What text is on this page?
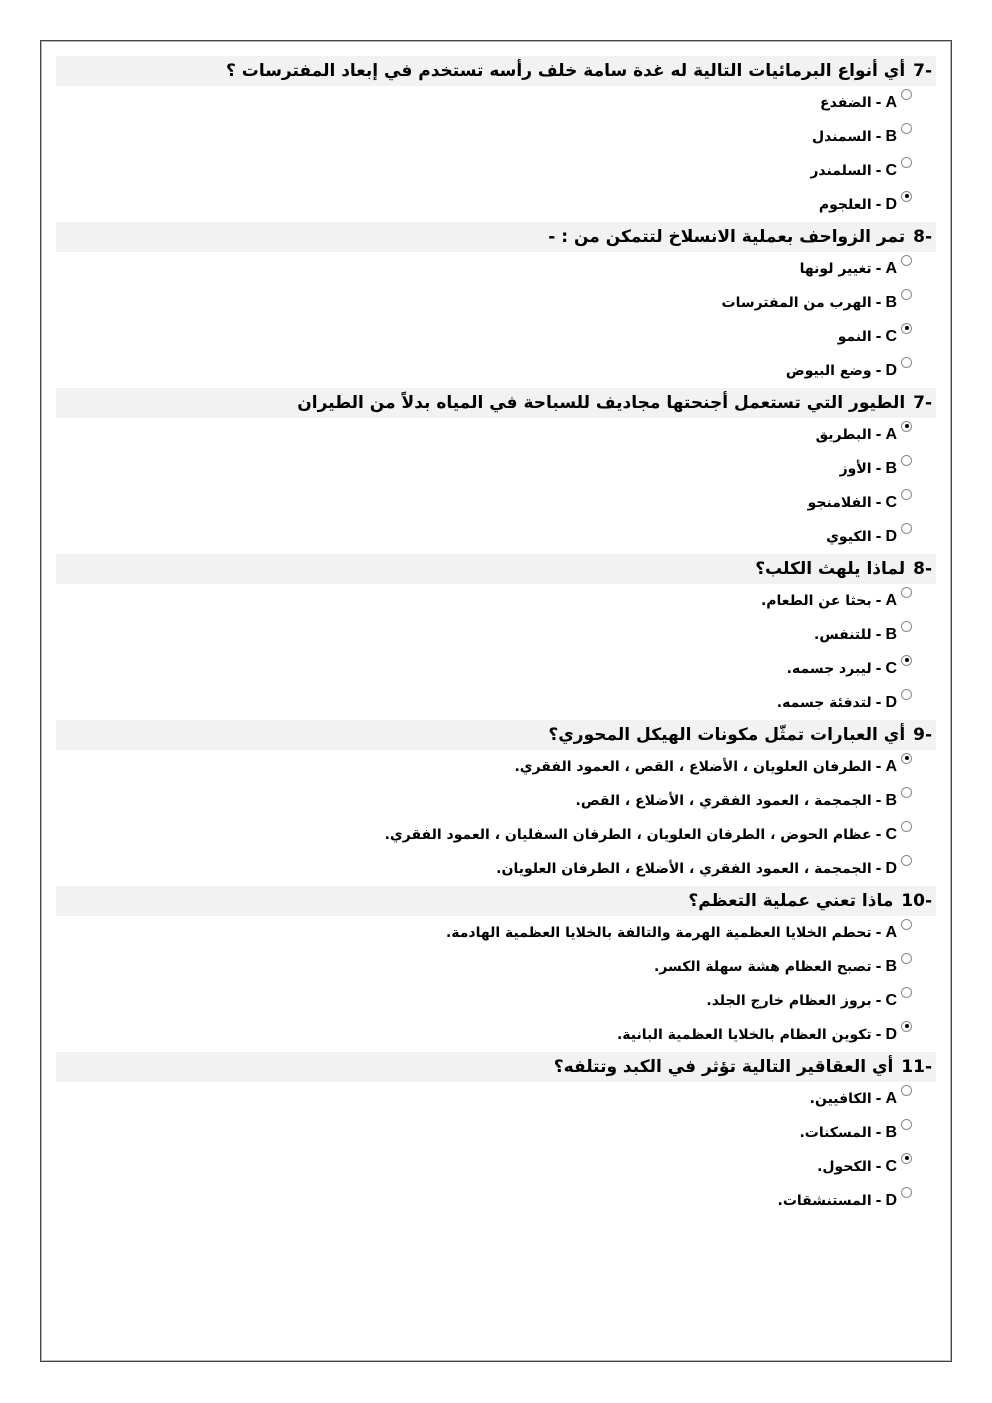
7- أي أنواع البرمائيات التالية له غدة سامة خلف رأسه تستخدم في إبعاد المفترسات ؟
A
-
الضفدع
B
-
السمندل
C
-
السلمندر
D
-
العلجوم
8- تمر الزواحف بعملية الانسلاخ لتتمكن من : -
A
-
تغيير لونها
B
-
الهرب من المفترسات
C
-
النمو
D
-
وضع البيوض
7- الطيور التي تستعمل أجنحتها مجاديف للسباحة في المياه بدلاً من الطيران
A
-
البطريق
B
-
الأوز
C
-
الفلامنجو
D
-
الكيوي
8- لماذا يلهث الكلب؟
A
-
بحثا عن الطعام.
B
-
للتنفس.
C
-
ليبرد جسمه.
D
-
لتدفئة جسمه.
9- أي العبارات تمثّل مكونات الهيكل المحوري؟
A
-
الطرفان العلويان ، الأضلاع ، القص ، العمود الفقري.
B
-
الجمجمة ، العمود الفقري ، الأضلاع ، القص.
C
-
عظام الحوض ، الطرفان العلويان ، الطرفان السفليان ، العمود الفقري.
D
-
الجمجمة ، العمود الفقري ، الأضلاع ، الطرفان العلويان.
10- ماذا تعني عملية التعظم؟
A
-
تحطم الخلايا العظمية الهرمة والتالفة بالخلايا العظمية الهادمة.
B
-
تصبح العظام هشة سهلة الكسر.
C
-
بروز العظام خارج الجلد.
D
-
تكوين العظام بالخلايا العظمية البانية.
11- أي العقاقير التالية تؤثر في الكبد وتتلفه؟
A
-
الكافيين.
B
-
المسكنات.
C
-
الكحول.
D
-
المستنشقات.
